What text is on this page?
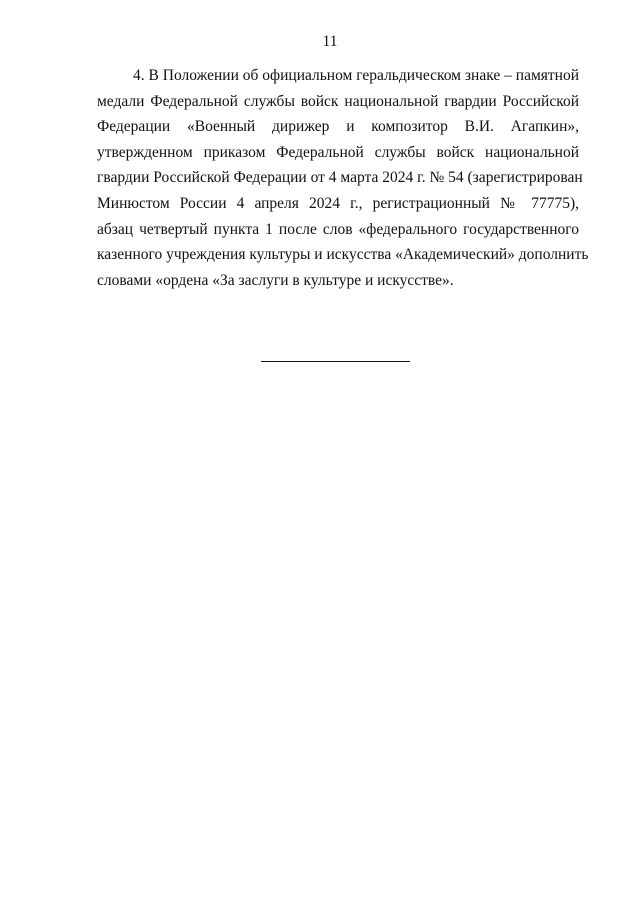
11
4. В Положении об официальном геральдическом знаке – памятной
медали Федеральной службы войск национальной гвардии Российской
Федерации «Военный дирижер и композитор В.И. Агапкин»,
утвержденном приказом Федеральной службы войск национальной
гвардии Российской Федерации от 4 марта 2024 г. № 54 (зарегистрирован
Минюстом России 4 апреля 2024 г., регистрационный № 77775),
абзац четвертый пункта 1 после слов «федерального государственного
казенного учреждения культуры и искусства «Академический» дополнить
словами «ордена «За заслуги в культуре и искусстве».
